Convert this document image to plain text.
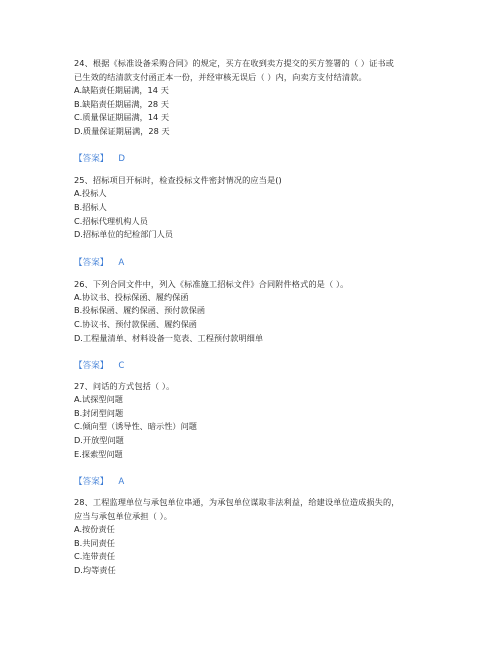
24、根据《标准设备采购合同》的规定，买方在收到卖方提交的买方签署的（ ）证书或

已生效的结清款支付函正本一份，并经审核无误后（ ）内，向卖方支付结清款。

A.缺陷责任期届满，14 天

B.缺陷责任期届满，28 天

C.质量保证期届满，14 天

D.质量保证期届满，28 天

【答案】 D

25、招标项目开标时，检查投标文件密封情况的应当是()

A.投标人

B.招标人

C.招标代理机构人员

D.招标单位的纪检部门人员

【答案】 A

26、下列合同文件中，列入《标准施工招标文件》合同附件格式的是（ ）。

A.协议书、投标保函、履约保函

B.投标保函、履约保函、预付款保函

C.协议书、预付款保函、履约保函

D.工程量清单、材料设备一览表、工程预付款明细单

【答案】 C

27、问话的方式包括（ ）。

A.试探型问题

B.封闭型问题

C.倾向型（诱导性、暗示性）问题

D.开放型问题

E.探索型问题

【答案】 A

28、工程监理单位与承包单位串通，为承包单位谋取非法利益，给建设单位造成损失的，

应当与承包单位承担（ ）。

A.按份责任

B.共同责任

C.连带责任

D.均等责任
